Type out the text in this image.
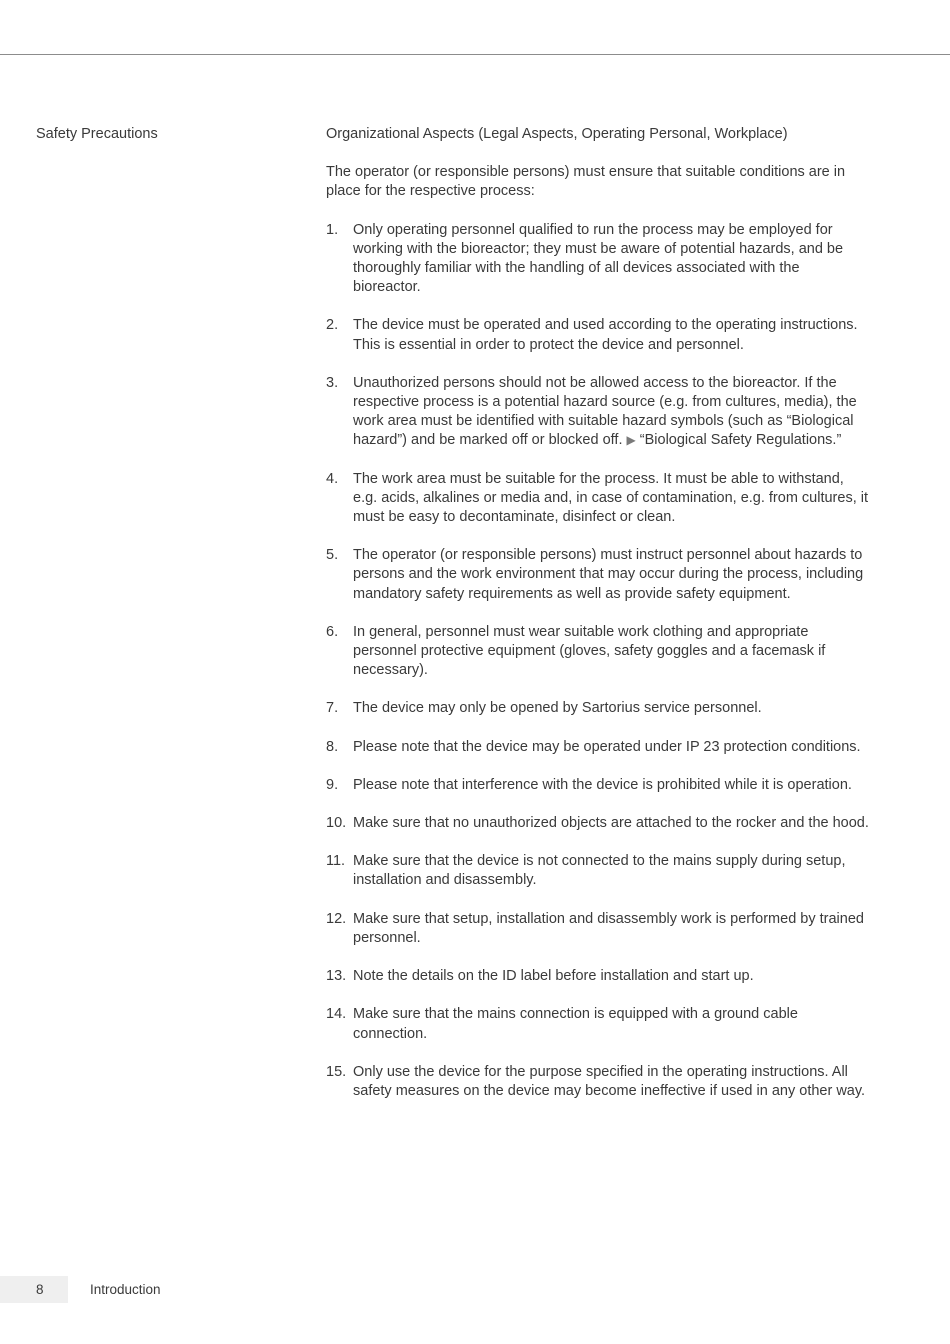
Safety Precautions	Organizational Aspects (Legal Aspects, Operating Personal, Workplace)

The operator (or responsible persons) must ensure that suitable conditions are in place for the respective process:

1.	Only operating personnel qualified to run the process may be employed for working with the bioreactor; they must be aware of potential hazards, and be thoroughly familiar with the handling of all devices associated with the bioreactor.
2.	The device must be operated and used according to the operating instructions. This is essential in order to protect the device and personnel.
3.	Unauthorized persons should not be allowed access to the bioreactor. If the respective process is a potential hazard source (e.g. from cultures, media), the work area must be identified with suitable hazard symbols (such as “Biological hazard”) and be marked off or blocked off. ▶ “Biological Safety Regulations.”
4.	The work area must be suitable for the process. It must be able to withstand, e.g. acids, alkalines or media and, in case of contamination, e.g. from cultures, it must be easy to decontaminate, disinfect or clean.
5.	The operator (or responsible persons) must instruct personnel about hazards to persons and the work environment that may occur during the process, including mandatory safety requirements as well as provide safety equipment.
6.	In general, personnel must wear suitable work clothing and appropriate personnel protective equipment (gloves, safety goggles and a facemask if necessary).
7.	The device may only be opened by Sartorius service personnel.
8.	Please note that the device may be operated under IP 23 protection conditions.
9.	Please note that interference with the device is prohibited while it is operation.
10. Make sure that no unauthorized objects are attached to the rocker and the hood.
11. Make sure that the device is not connected to the mains supply during setup, installation and disassembly.
12. Make sure that setup, installation and disassembly work is performed by trained personnel.
13. Note the details on the ID label before installation and start up.
14. Make sure that the mains connection is equipped with a ground cable connection.
15. Only use the device for the purpose specified in the operating instructions. All safety measures on the device may become ineffective if used in any other way.
8	Introduction
